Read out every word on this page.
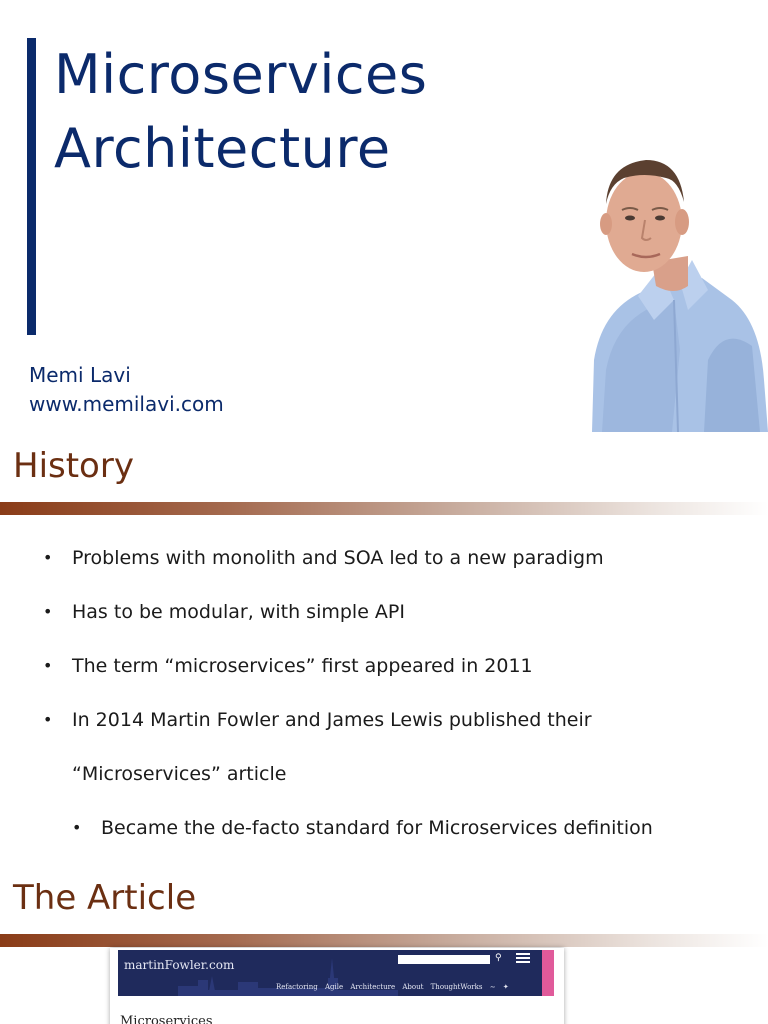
Microservices
Architecture
Memi Lavi
www.memilavi.com
History
• Problems with monolith and SOA led to a new paradigm
• Has to be modular, with simple API
• The term “microservices” first appeared in 2011
• In 2014 Martin Fowler and James Lewis published their
“Microservices” article
• Became the de-facto standard for Microservices definition
The Article
martinFowler.com	⚲
Refactoring Agile Architecture About ThoughtWorks ∼ ✦
Microservices
